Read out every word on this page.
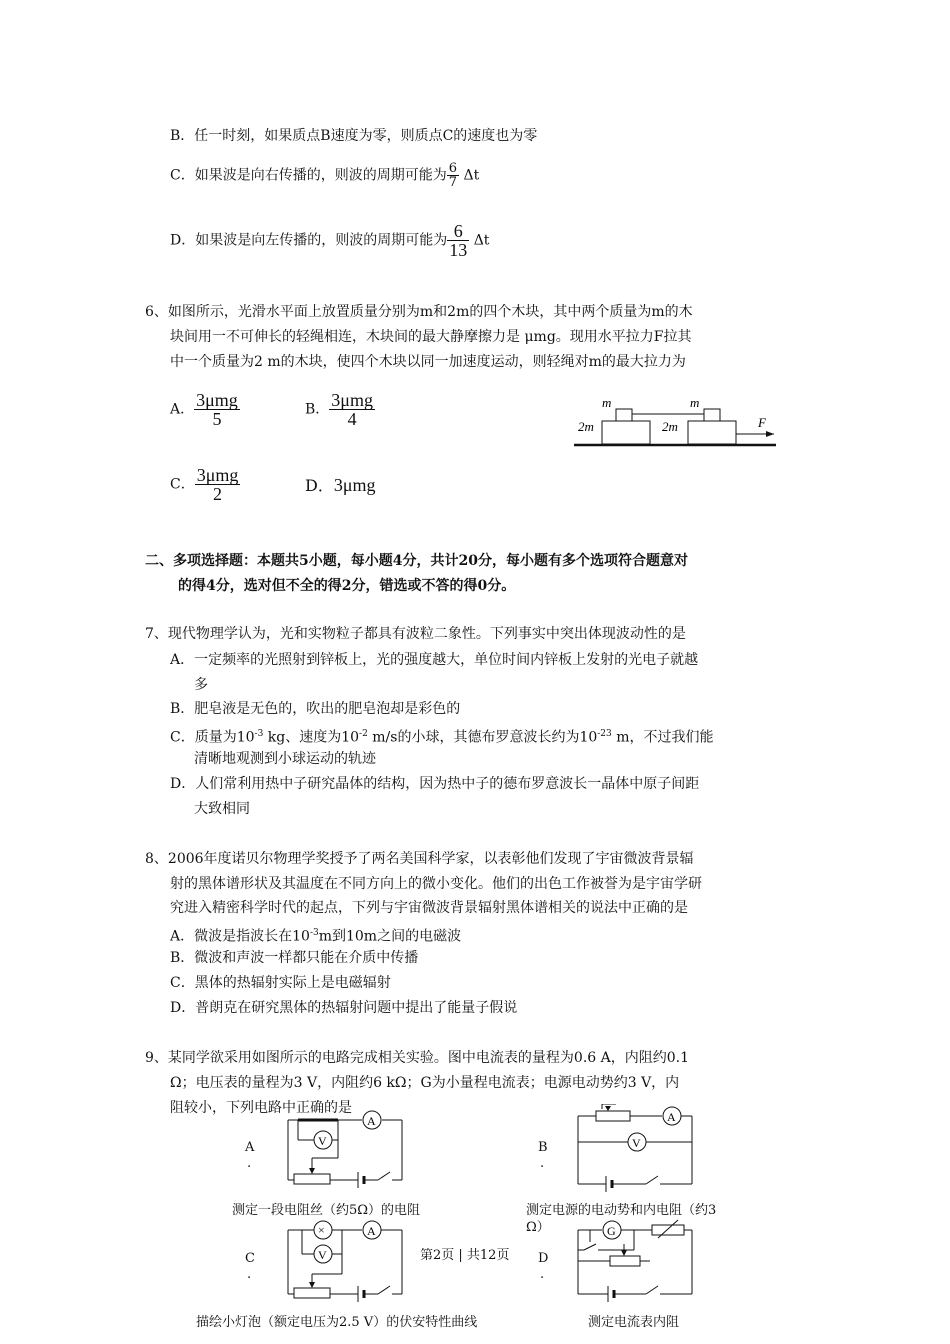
B．任一时刻，如果质点B速度为零，则质点C的速度也为零
C．如果波是向右传播的，则波的周期可能为 $\frac{6}{7}$ Δt
D．如果波是向左传播的，则波的周期可能为 $\frac{6}{13}$ Δt
6、如图所示，光滑水平面上放置质量分别为m和2m的四个木块，其中两个质量为m的木
块间用一不可伸长的轻绳相连，木块间的最大静摩擦力是 μmg。现用水平拉力F拉其
中一个质量为2 m的木块，使四个木块以同一加速度运动，则轻绳对m的最大拉力为
A． $\frac{\text{3μmg}}{5}$	B． $\frac{\text{3μmg}}{4}$
C． $\frac{\text{3μmg}}{2}$	D．3μmg
m	m
2m	2m	F
二、多项选择题：本题共5小题，每小题4分，共计20分，每小题有多个选项符合题意对
的得4分，选对但不全的得2分，错选或不答的得0分。
7、现代物理学认为，光和实物粒子都具有波粒二象性。下列事实中突出体现波动性的是
A．一定频率的光照射到锌板上，光的强度越大，单位时间内锌板上发射的光电子就越
多
B．肥皂液是无色的，吹出的肥皂泡却是彩色的
C．质量为$10^{-3}$ kg、速度为$10^{-2}$ m/s的小球，其德布罗意波长约为$10^{-23}$ m，不过我们能
清晰地观测到小球运动的轨迹
D．人们常利用热中子研究晶体的结构，因为热中子的德布罗意波长一晶体中原子间距
大致相同
8、2006年度诺贝尔物理学奖授予了两名美国科学家，以表彰他们发现了宇宙微波背景辐
射的黑体谱形状及其温度在不同方向上的微小变化。他们的出色工作被誉为是宇宙学研
究进入精密科学时代的起点，下列与宇宙微波背景辐射黑体谱相关的说法中正确的是
A．微波是指波长在$10^{-3}m$到10m之间的电磁波
B．微波和声波一样都只能在介质中传播
C．黑体的热辐射实际上是电磁辐射
D．普朗克在研究黑体的热辐射问题中提出了能量子假说
9、某同学欲采用如图所示的电路完成相关实验。图中电流表的量程为0.6 A，内阻约0.1
Ω；电压表的量程为3 V，内阻约6 kΩ；G为小量程电流表；电源电动势约3 V，内
阻较小，下列电路中正确的是
A
.
A
V
测定一段电阻丝（约5Ω）的电阻
B
.
A
V
测定电源的电动势和内电阻（约3
Ω）
C
.
×	A
V
描绘小灯泡（额定电压为2.5 V）的伏安特性曲线
D
.
G
测定电流表内阻
第2页 | 共12页
